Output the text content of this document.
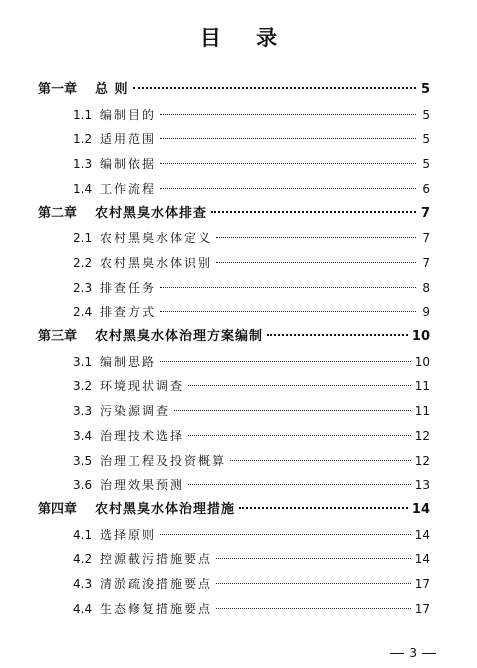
目 录
第一章	总 则	5
1.1 编制目的	5
1.2 适用范围	5
1.3 编制依据	5
1.4 工作流程	6
第二章	农村黑臭水体排查	7
2.1 农村黑臭水体定义	7
2.2 农村黑臭水体识别	7
2.3 排查任务	8
2.4 排查方式	9
第三章	农村黑臭水体治理方案编制	10
3.1 编制思路	10
3.2 环境现状调查	11
3.3 污染源调查	11
3.4 治理技术选择	12
3.5 治理工程及投资概算	12
3.6 治理效果预测	13
第四章	农村黑臭水体治理措施	14
4.1 选择原则	14
4.2 控源截污措施要点	14
4.3 清淤疏浚措施要点	17
4.4 生态修复措施要点	17
3
